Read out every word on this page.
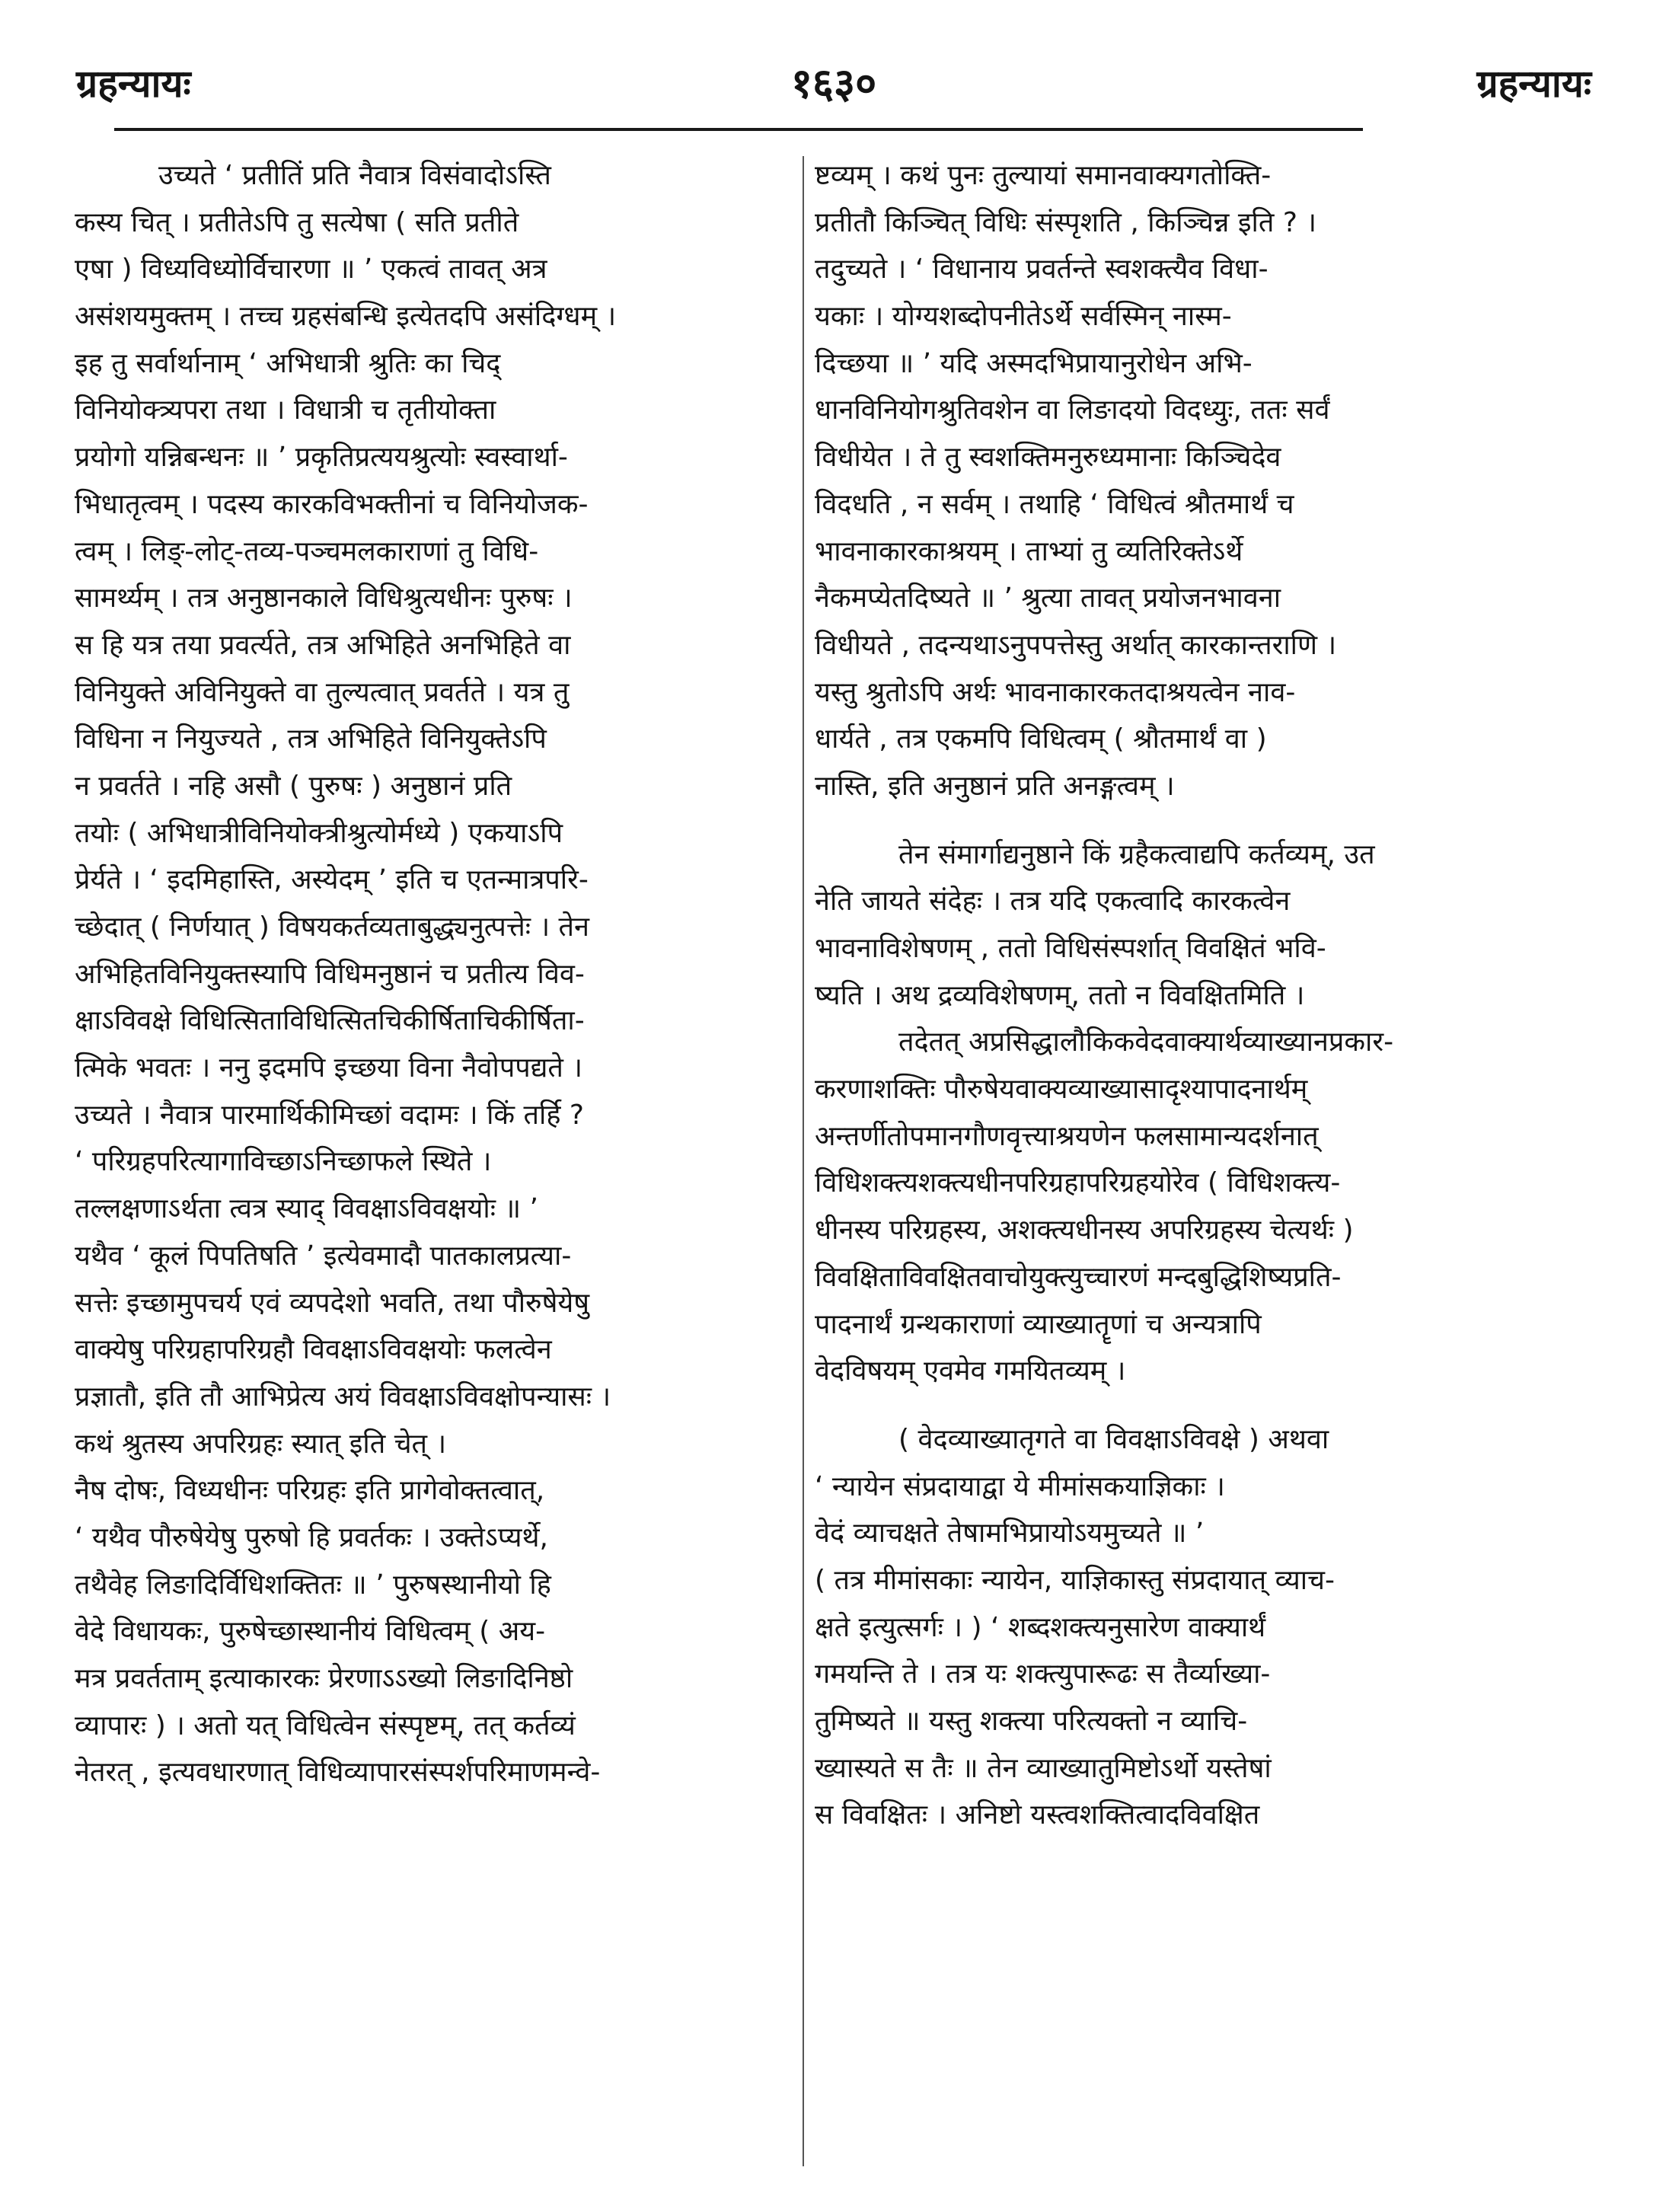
ग्रहन्यायः	१६३०	ग्रहन्यायः
उच्यते ‘ प्रतीतिं प्रति नैवात्र विसंवादोऽस्ति
कस्य चित् । प्रतीतेऽपि तु सत्येषा ( सति प्रतीते
एषा ) विध्यविध्योर्विचारणा ॥ ’ एकत्वं तावत् अत्र
असंशयमुक्तम् । तच्च ग्रहसंबन्धि इत्येतदपि असंदिग्धम् ।
इह तु सर्वार्थानाम् ‘ अभिधात्री श्रुतिः का चिद्
विनियोक्त्र्यपरा तथा । विधात्री च तृतीयोक्ता
प्रयोगो यन्निबन्धनः ॥ ’ प्रकृतिप्रत्ययश्रुत्योः स्वस्वार्था-
भिधातृत्वम् । पदस्य कारकविभक्तीनां च विनियोजक-
त्वम् । लिङ्-लोट्-तव्य-पञ्चमलकाराणां तु विधि-
सामर्थ्यम् । तत्र अनुष्ठानकाले विधिश्रुत्यधीनः पुरुषः ।
स हि यत्र तया प्रवर्त्यते, तत्र अभिहिते अनभिहिते वा
विनियुक्ते अविनियुक्ते वा तुल्यत्वात् प्रवर्तते । यत्र तु
विधिना न नियुज्यते , तत्र अभिहिते विनियुक्तेऽपि
न प्रवर्तते । नहि असौ ( पुरुषः ) अनुष्ठानं प्रति
तयोः ( अभिधात्रीविनियोक्त्रीश्रुत्योर्मध्ये ) एकयाऽपि
प्रेर्यते । ‘ इदमिहास्ति, अस्येदम् ’ इति च एतन्मात्रपरि-
च्छेदात् ( निर्णयात् ) विषयकर्तव्यताबुद्ध्यनुत्पत्तेः । तेन
अभिहितविनियुक्तस्यापि विधिमनुष्ठानं च प्रतीत्य विव-
क्षाऽविवक्षे विधित्सिताविधित्सितचिकीर्षिताचिकीर्षिता-
त्मिके भवतः । ननु इदमपि इच्छया विना नैवोपपद्यते ।
उच्यते । नैवात्र पारमार्थिकीमिच्छां वदामः । किं तर्हि ?
‘ परिग्रहपरित्यागाविच्छाऽनिच्छाफले स्थिते ।
तल्लक्षणाऽर्थता त्वत्र स्याद् विवक्षाऽविवक्षयोः ॥ ’
यथैव ‘ कूलं पिपतिषति ’ इत्येवमादौ पातकालप्रत्या-
सत्तेः इच्छामुपचर्य एवं व्यपदेशो भवति, तथा पौरुषेयेषु
वाक्येषु परिग्रहापरिग्रहौ विवक्षाऽविवक्षयोः फलत्वेन
प्रज्ञातौ, इति तौ आभिप्रेत्य अयं विवक्षाऽविवक्षोपन्यासः ।
कथं श्रुतस्य अपरिग्रहः स्यात् इति चेत् ।
नैष दोषः, विध्यधीनः परिग्रहः इति प्रागेवोक्तत्वात्,
‘ यथैव पौरुषेयेषु पुरुषो हि प्रवर्तकः । उक्तेऽप्यर्थे,
तथैवेह लिङादिर्विधिशक्तितः ॥ ’ पुरुषस्थानीयो हि
वेदे विधायकः, पुरुषेच्छास्थानीयं विधित्वम् ( अय-
मत्र प्रवर्तताम् इत्याकारकः प्रेरणाऽऽख्यो लिङादिनिष्ठो
व्यापारः ) । अतो यत् विधित्वेन संस्पृष्टम्, तत् कर्तव्यं
नेतरत् , इत्यवधारणात् विधिव्यापारसंस्पर्शपरिमाणमन्वे-
ष्टव्यम् । कथं पुनः तुल्यायां समानवाक्यगतोक्ति-
प्रतीतौ किञ्चित् विधिः संस्पृशति , किञ्चिन्न इति ? ।
तदुच्यते । ‘ विधानाय प्रवर्तन्ते स्वशक्त्यैव विधा-
यकाः । योग्यशब्दोपनीतेऽर्थे सर्वस्मिन् नास्म-
दिच्छया ॥ ’ यदि अस्मदभिप्रायानुरोधेन अभि-
धानविनियोगश्रुतिवशेन वा लिङादयो विदध्युः, ततः सर्वं
विधीयेत । ते तु स्वशक्तिमनुरुध्यमानाः किञ्चिदेव
विदधति , न सर्वम् । तथाहि ‘ विधित्वं श्रौतमार्थं च
भावनाकारकाश्रयम् । ताभ्यां तु व्यतिरिक्तेऽर्थे
नैकमप्येतदिष्यते ॥ ’ श्रुत्या तावत् प्रयोजनभावना
विधीयते , तदन्यथाऽनुपपत्तेस्तु अर्थात् कारकान्तराणि ।
यस्तु श्रुतोऽपि अर्थः भावनाकारकतदाश्रयत्वेन नाव-
धार्यते , तत्र एकमपि विधित्वम् ( श्रौतमार्थं वा )
नास्ति, इति अनुष्ठानं प्रति अनङ्गत्वम् ।
तेन संमार्गाद्यनुष्ठाने किं ग्रहैकत्वाद्यपि कर्तव्यम्, उत
नेति जायते संदेहः । तत्र यदि एकत्वादि कारकत्वेन
भावनाविशेषणम् , ततो विधिसंस्पर्शात् विवक्षितं भवि-
ष्यति । अथ द्रव्यविशेषणम्, ततो न विवक्षितमिति ।
तदेतत् अप्रसिद्धालौकिकवेदवाक्यार्थव्याख्यानप्रकार-
करणाशक्तिः पौरुषेयवाक्यव्याख्यासादृश्यापादनार्थम्
अन्तर्णीतोपमानगौणवृत्त्याश्रयणेन फलसामान्यदर्शनात्
विधिशक्त्यशक्त्यधीनपरिग्रहापरिग्रहयोरेव ( विधिशक्त्य-
धीनस्य परिग्रहस्य, अशक्त्यधीनस्य अपरिग्रहस्य चेत्यर्थः )
विवक्षिताविवक्षितवाचोयुक्त्युच्चारणं मन्दबुद्धिशिष्यप्रति-
पादनार्थं ग्रन्थकाराणां व्याख्यातॄणां च अन्यत्रापि
वेदविषयम् एवमेव गमयितव्यम् ।
( वेदव्याख्यातृगते वा विवक्षाऽविवक्षे ) अथवा
‘ न्यायेन संप्रदायाद्वा ये मीमांसकयाज्ञिकाः ।
वेदं व्याचक्षते तेषामभिप्रायोऽयमुच्यते ॥ ’
( तत्र मीमांसकाः न्यायेन, याज्ञिकास्तु संप्रदायात् व्याच-
क्षते इत्युत्सर्गः । ) ‘ शब्दशक्त्यनुसारेण वाक्यार्थं
गमयन्ति ते । तत्र यः शक्त्युपारूढः स तैर्व्याख्या-
तुमिष्यते ॥ यस्तु शक्त्या परित्यक्तो न व्याचि-
ख्यास्यते स तैः ॥ तेन व्याख्यातुमिष्टोऽर्थो यस्तेषां
स विवक्षितः । अनिष्टो यस्त्वशक्तित्वादविवक्षित
